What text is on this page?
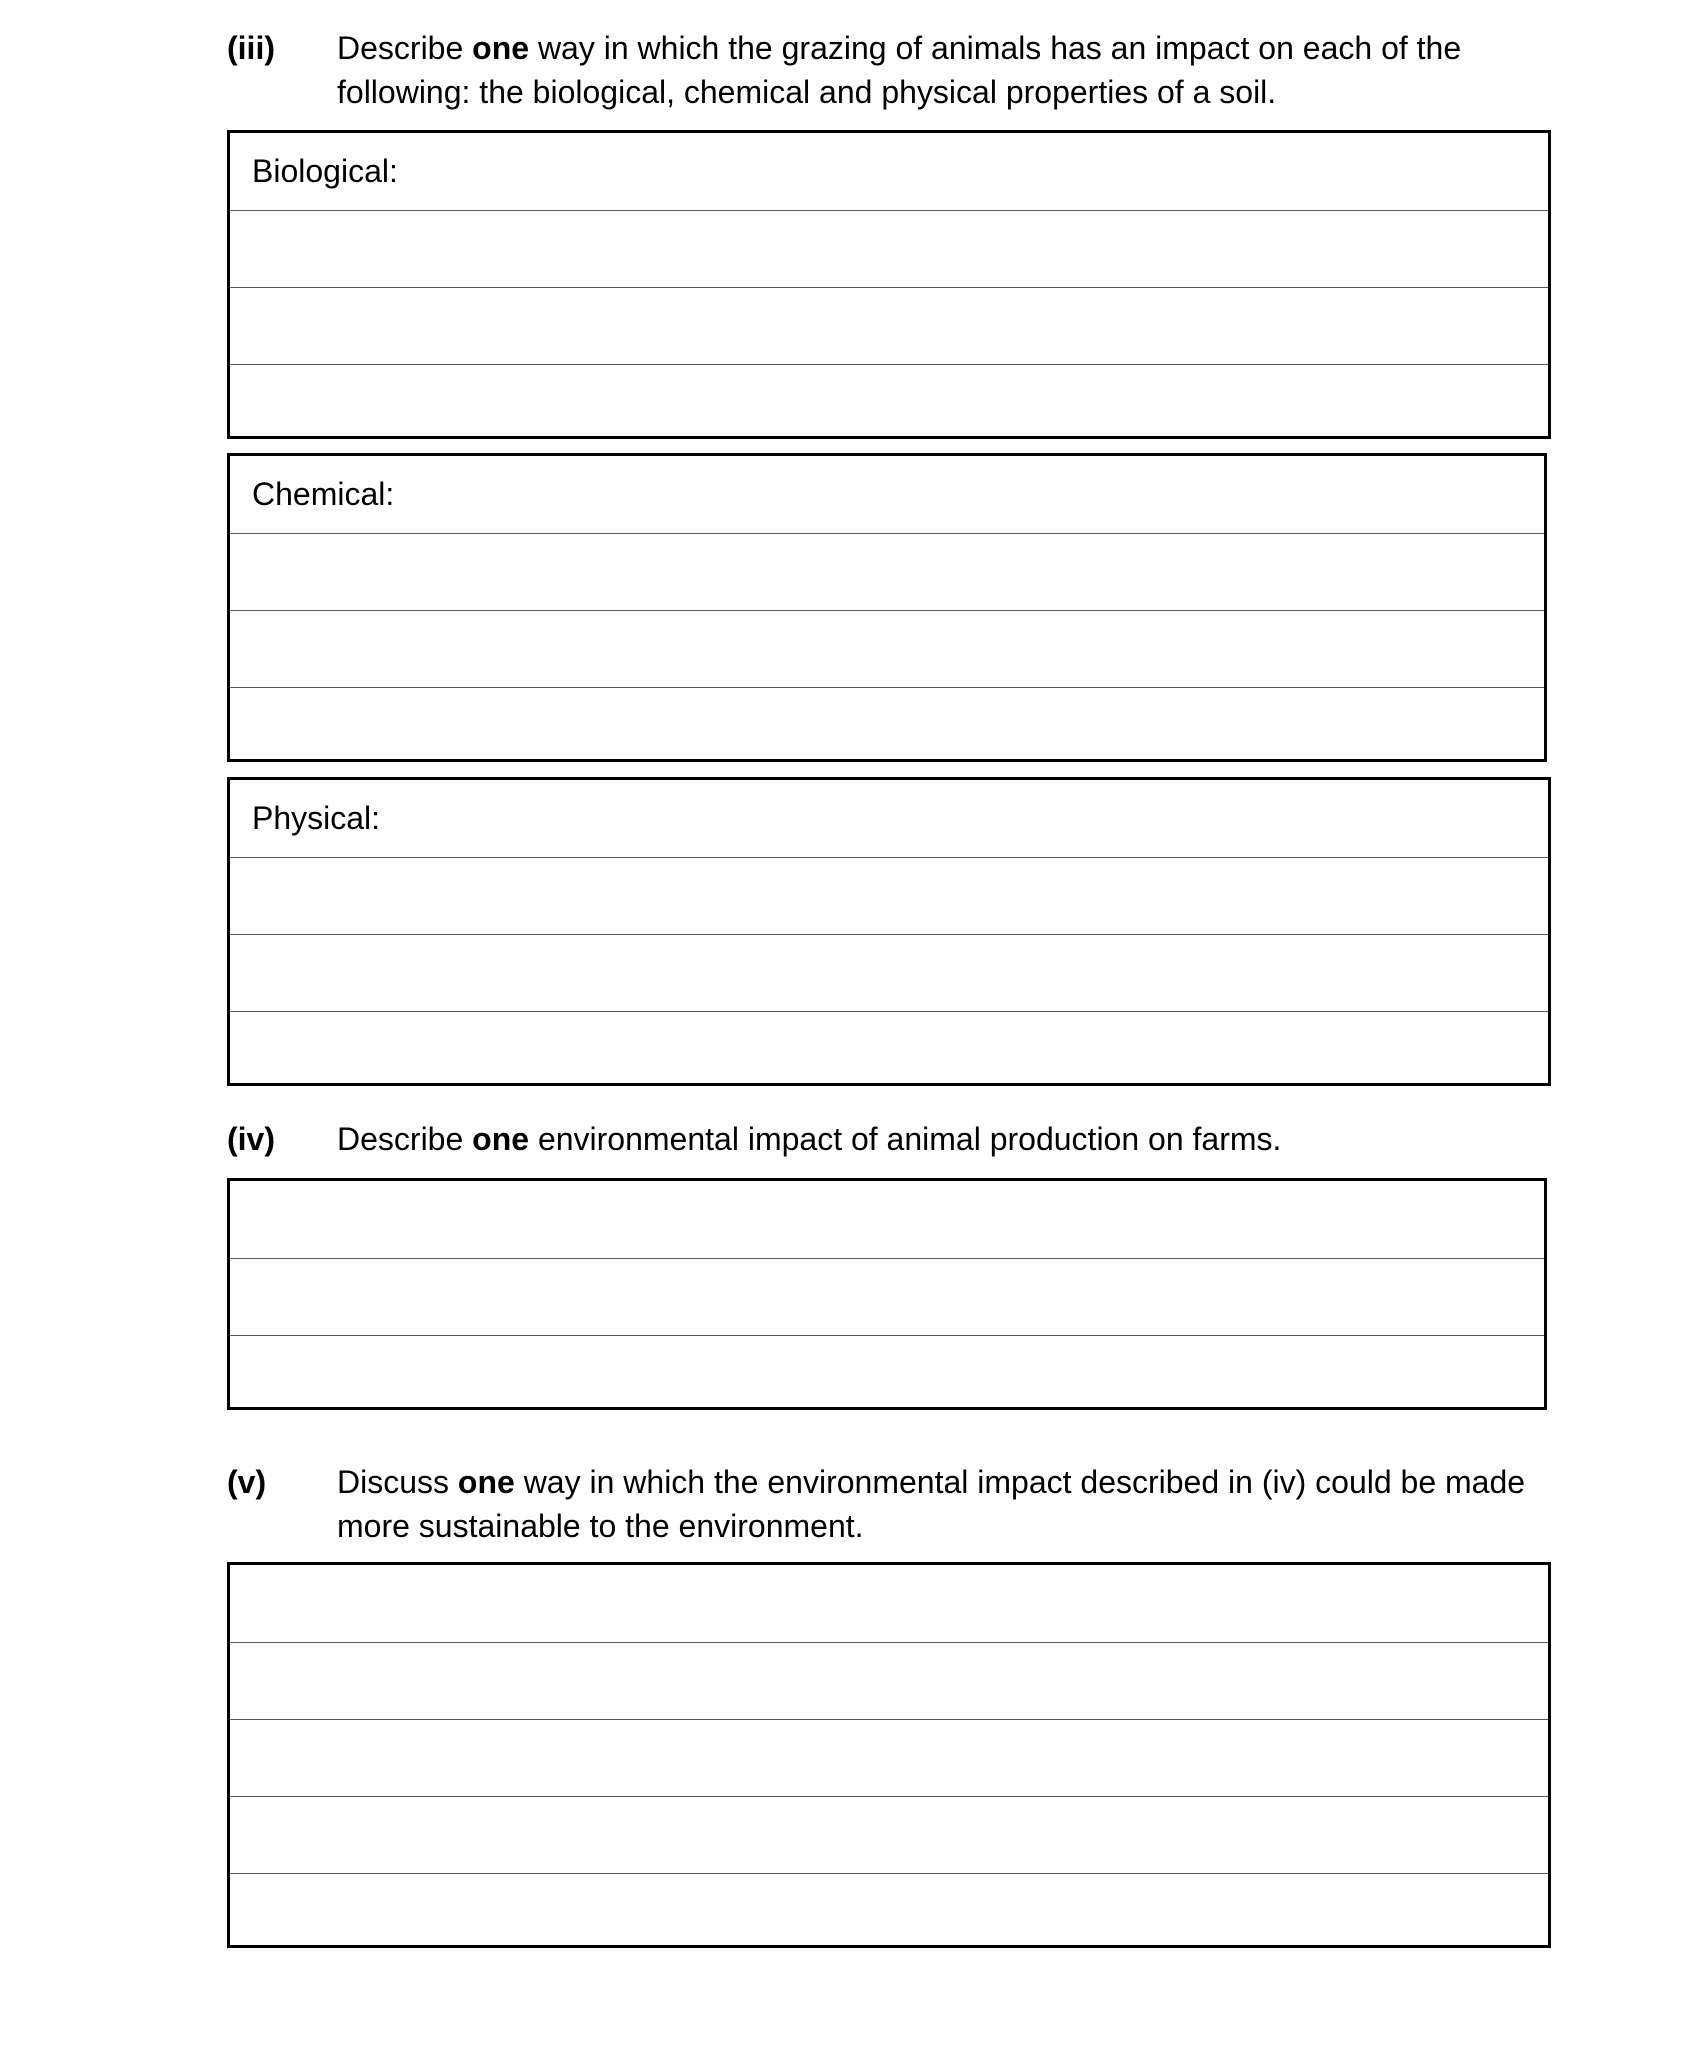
(iii) Describe one way in which the grazing of animals has an impact on each of the
following: the biological, chemical and physical properties of a soil.
Biological:
Chemical:
Physical:
(iv) Describe one environmental impact of animal production on farms.
(v) Discuss one way in which the environmental impact described in (iv) could be made
more sustainable to the environment.
